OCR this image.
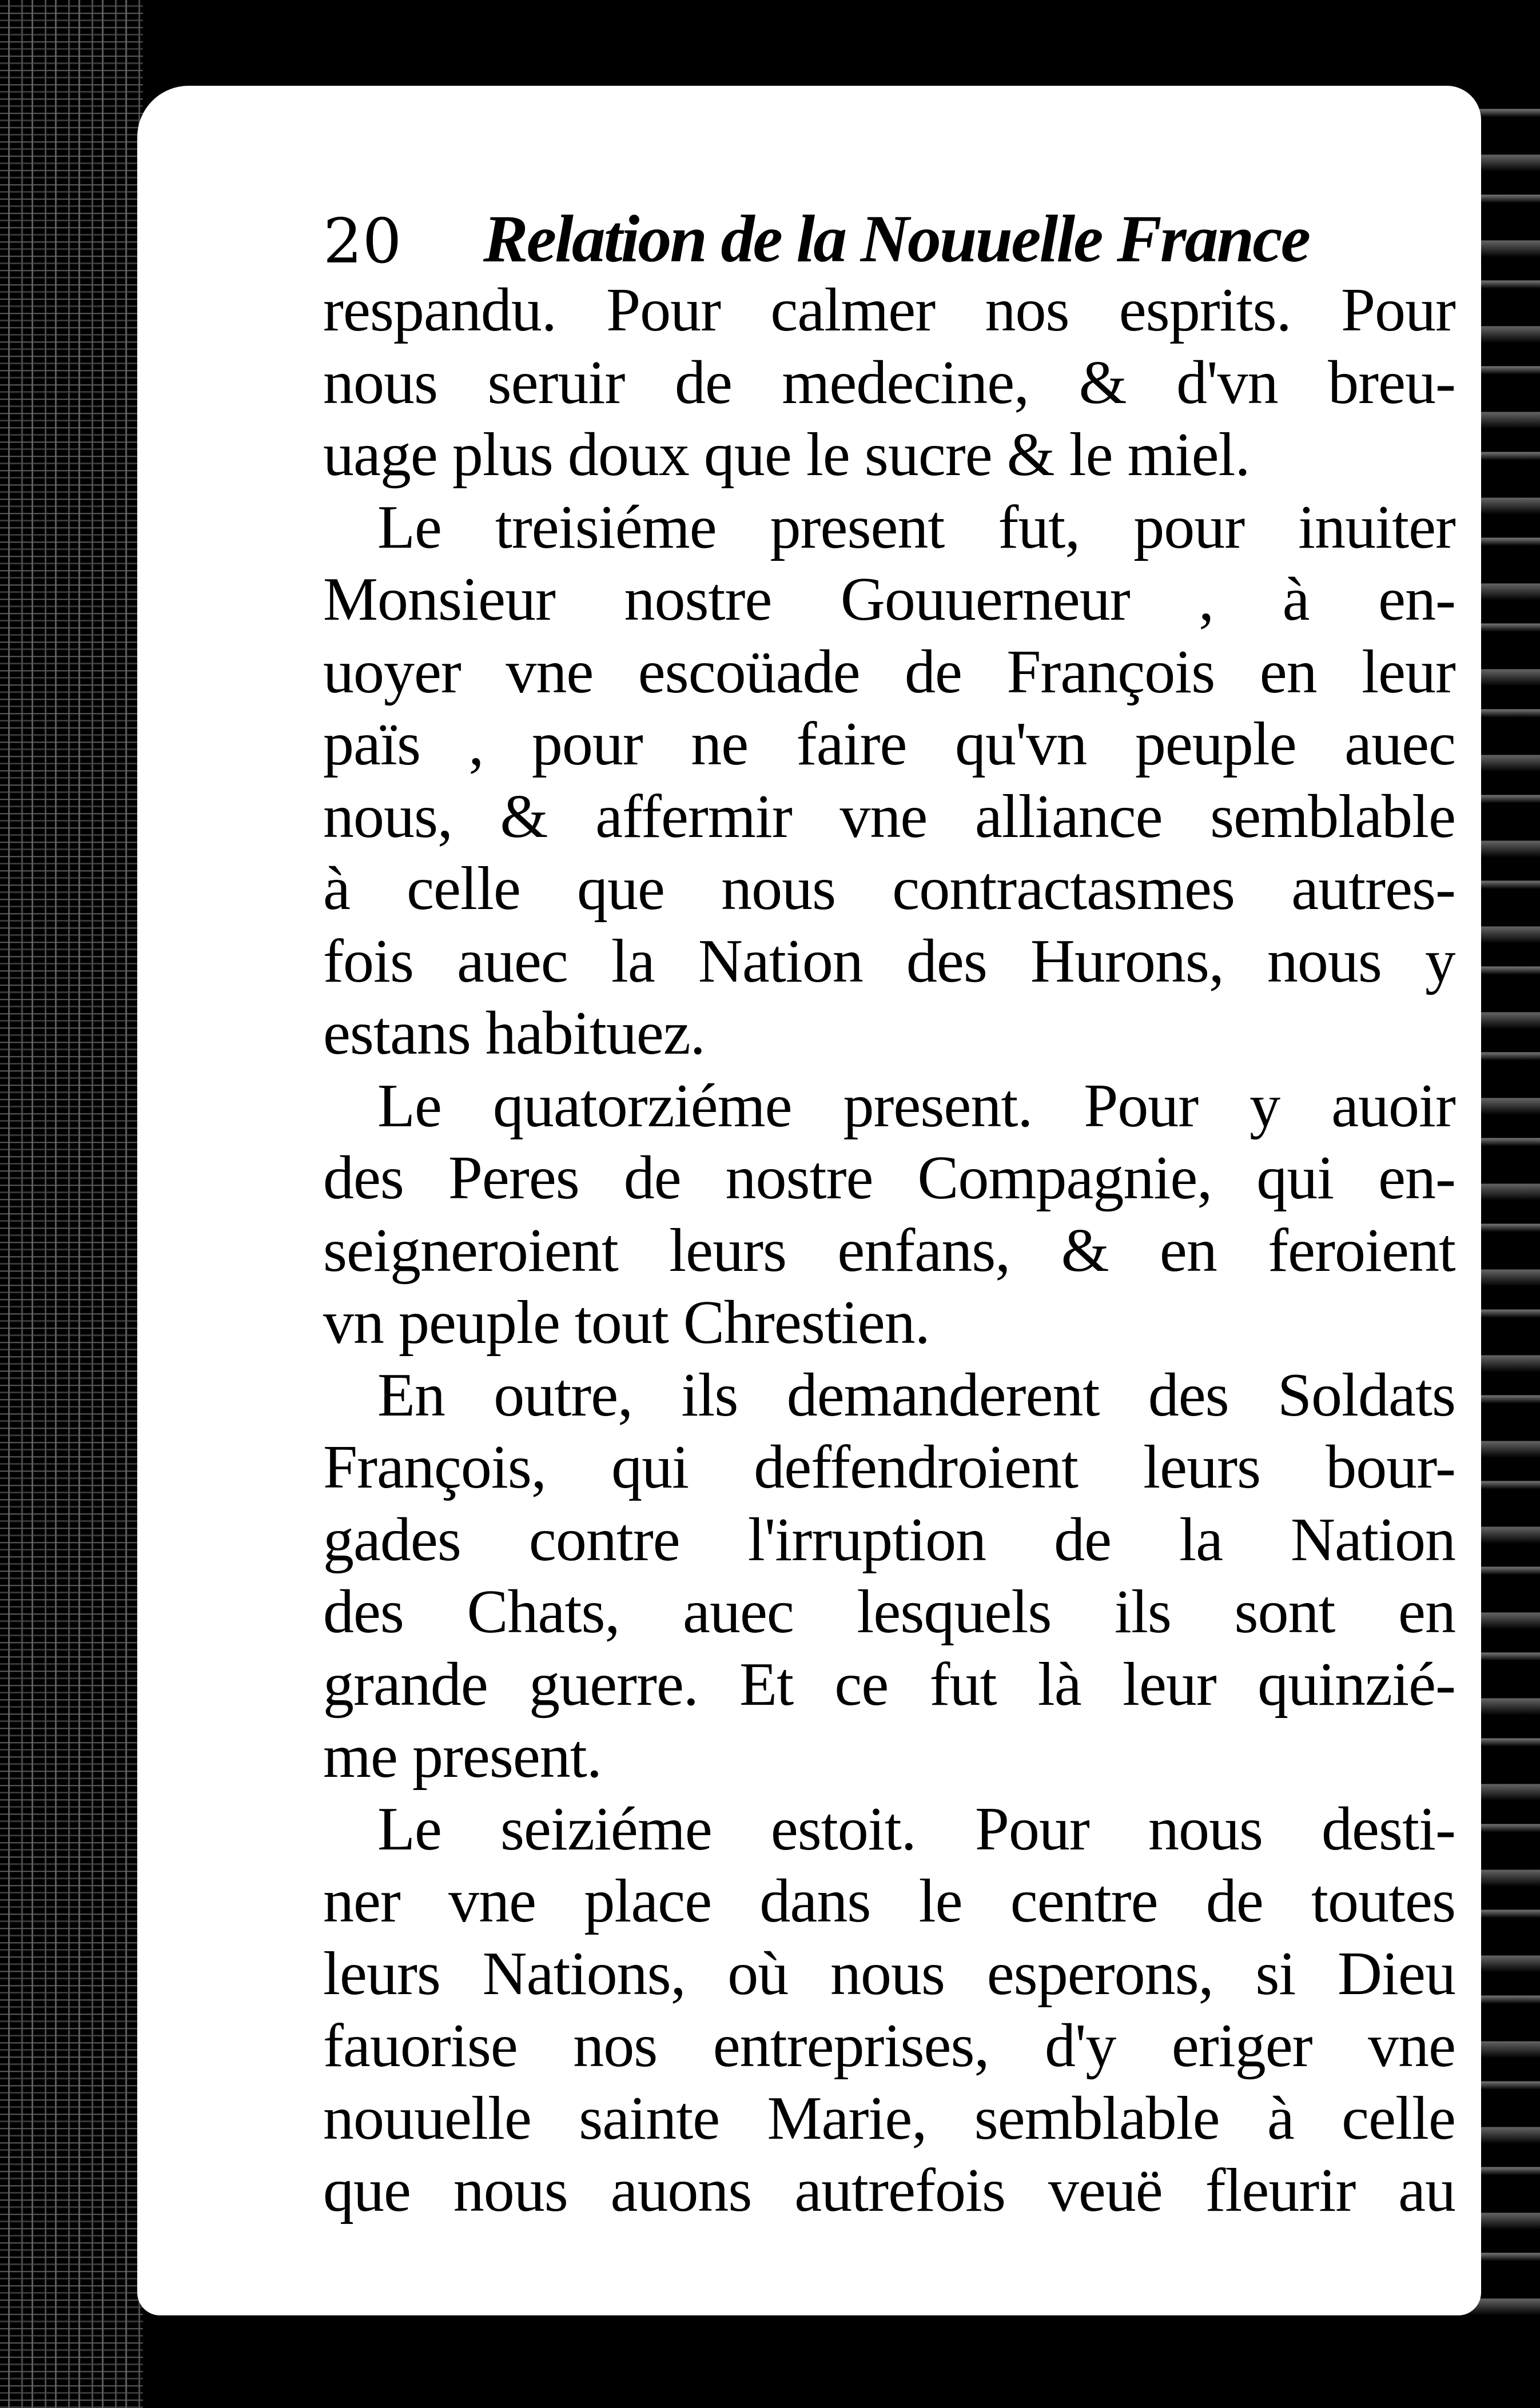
20 Relation de la Nouuelle France
respandu. Pour calmer nos esprits. Pour
nous seruir de medecine, & d'vn breu-
uage plus doux que le sucre & le miel.
Le treisiéme present fut, pour inuiter
Monsieur nostre Gouuerneur , à en-
uoyer vne escoüade de François en leur
païs , pour ne faire qu'vn peuple auec
nous, & affermir vne alliance semblable
à celle que nous contractasmes autres-
fois auec la Nation des Hurons, nous y
estans habituez.
Le quatorziéme present. Pour y auoir
des Peres de nostre Compagnie, qui en-
seigneroient leurs enfans, & en feroient
vn peuple tout Chrestien.
En outre, ils demanderent des Soldats
François, qui deffendroient leurs bour-
gades contre l'irruption de la Nation
des Chats, auec lesquels ils sont en
grande guerre. Et ce fut là leur quinzié-
me present.
Le seiziéme estoit. Pour nous desti-
ner vne place dans le centre de toutes
leurs Nations, où nous esperons, si Dieu
fauorise nos entreprises, d'y eriger vne
nouuelle sainte Marie, semblable à celle
que nous auons autrefois veuë fleurir au
